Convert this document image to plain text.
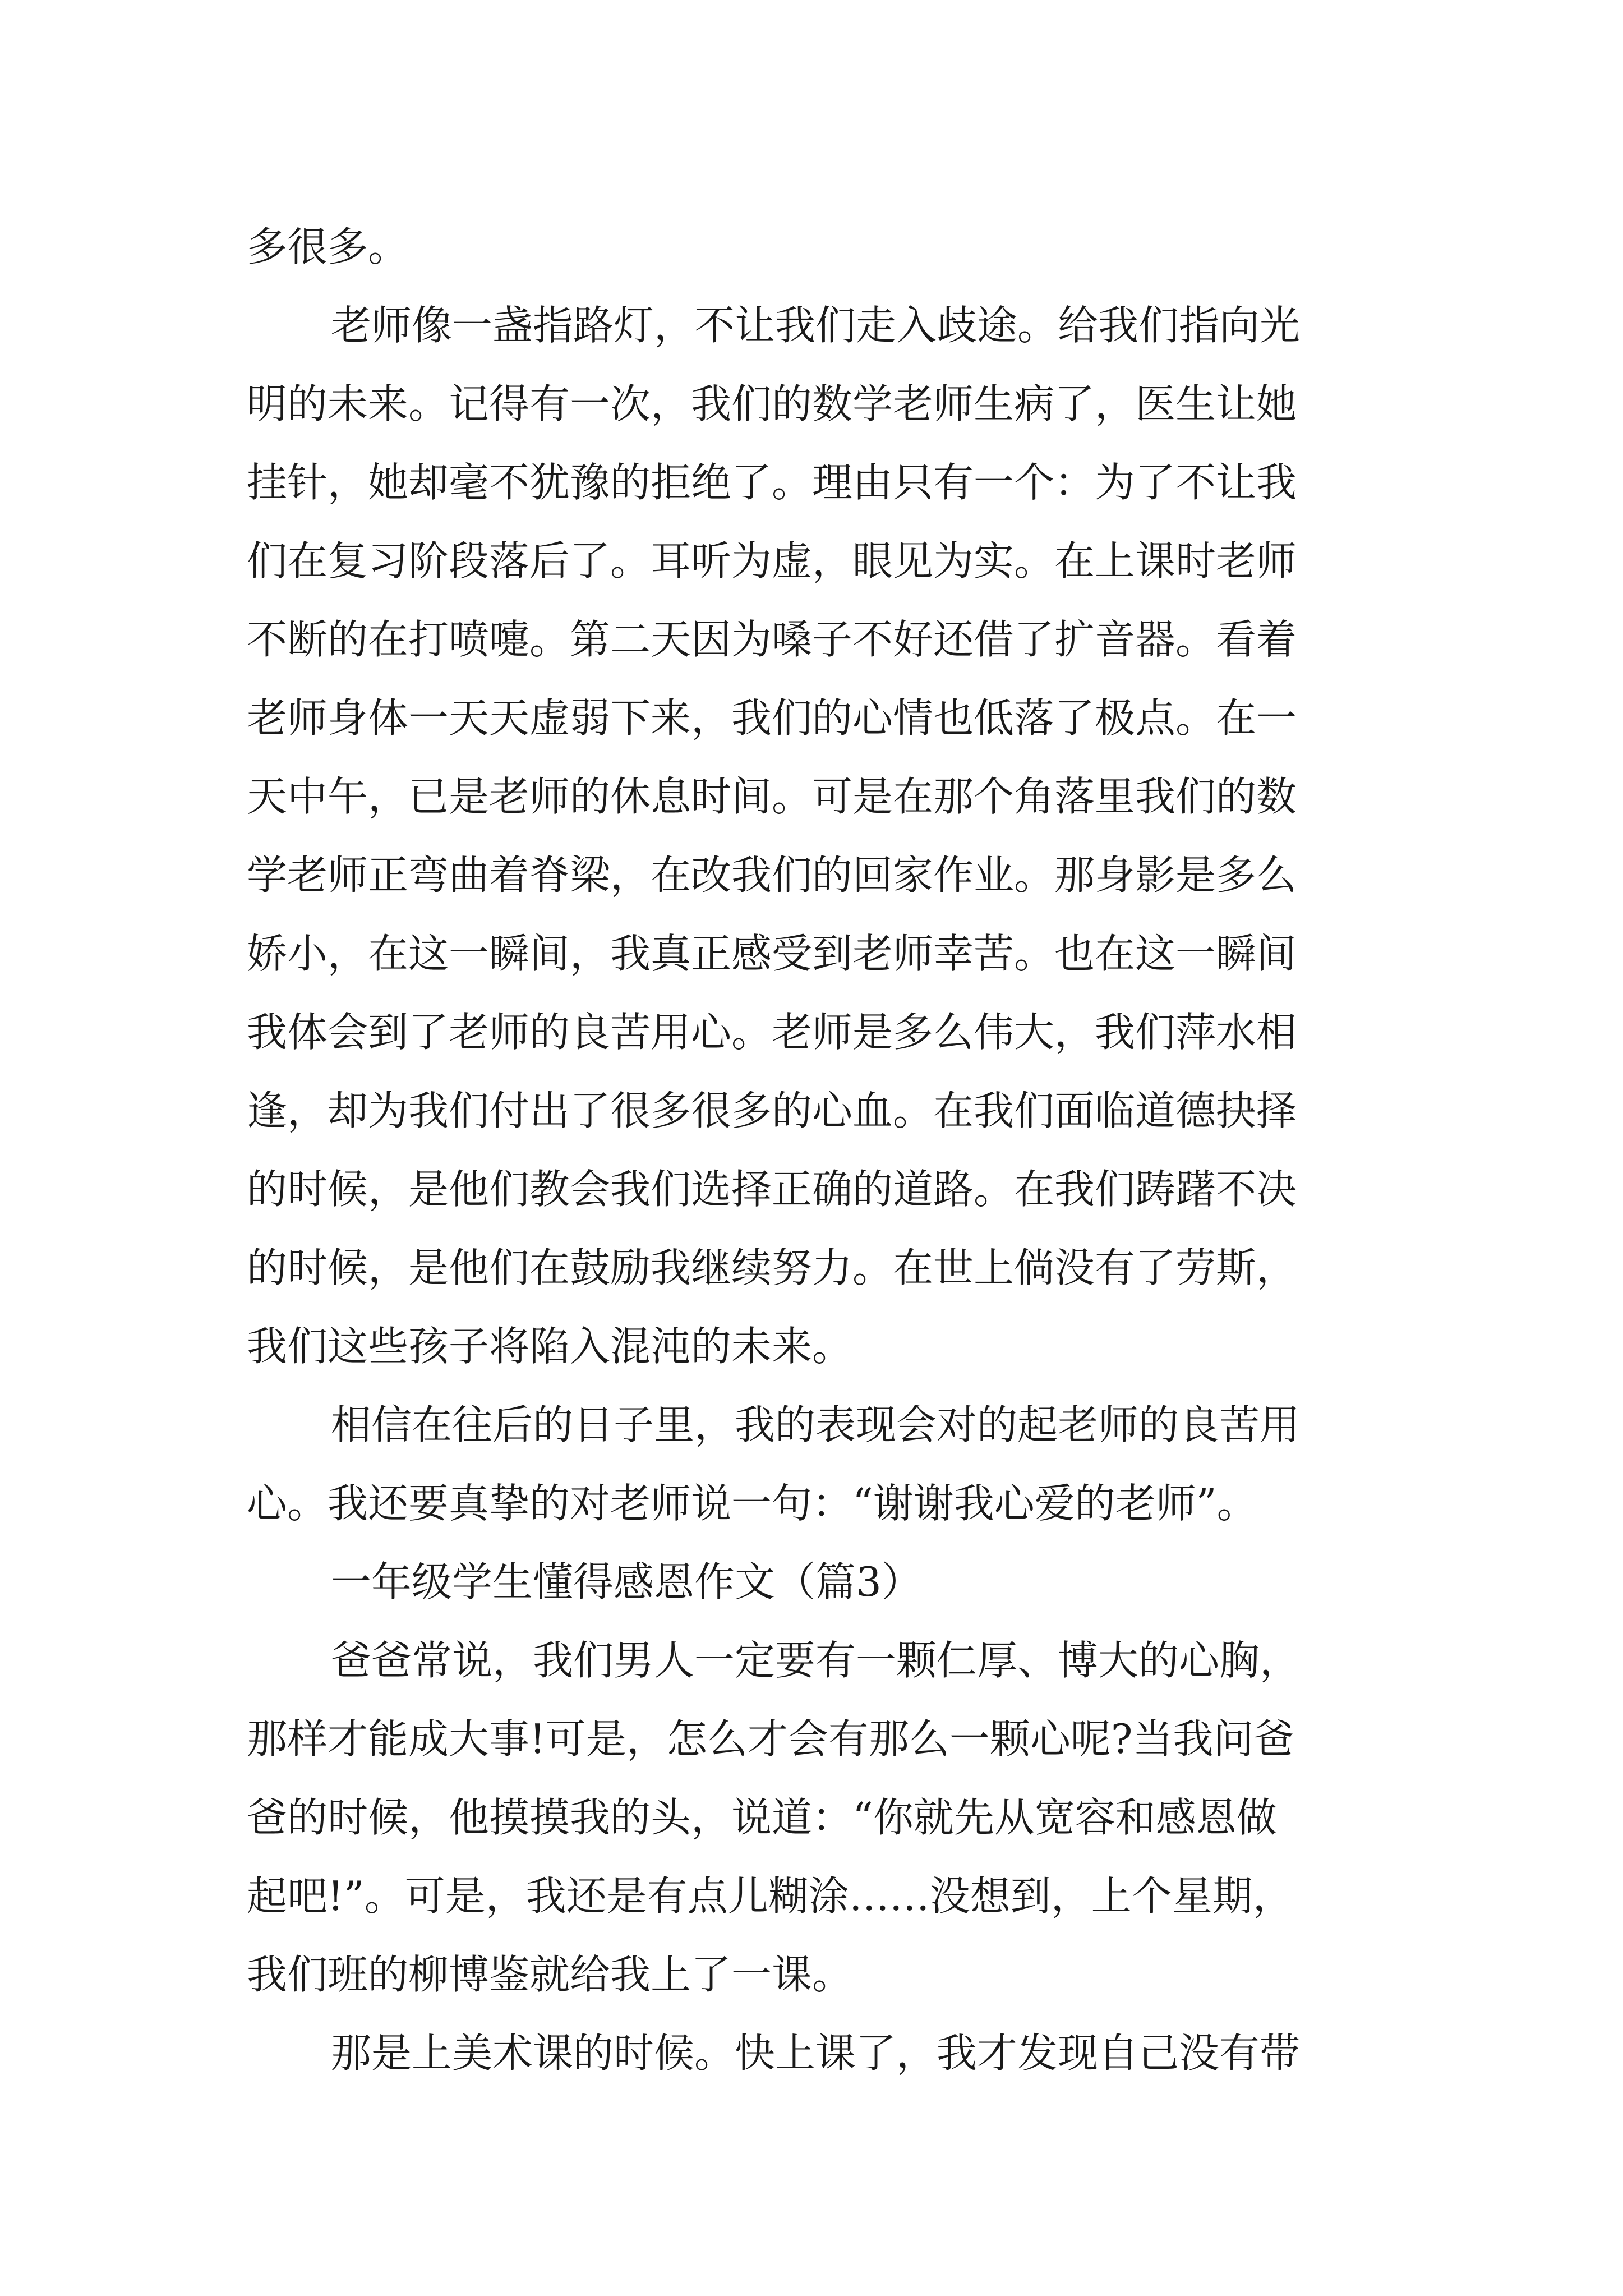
多很多。
老师像一盏指路灯，不让我们走入歧途。给我们指向光
明的未来。记得有一次，我们的数学老师生病了，医生让她
挂针，她却毫不犹豫的拒绝了。理由只有一个：为了不让我
们在复习阶段落后了。耳听为虚，眼见为实。在上课时老师
不断的在打喷嚏。第二天因为嗓子不好还借了扩音器。看着
老师身体一天天虚弱下来，我们的心情也低落了极点。在一
天中午，已是老师的休息时间。可是在那个角落里我们的数
学老师正弯曲着脊梁，在改我们的回家作业。那身影是多么
娇小，在这一瞬间，我真正感受到老师幸苦。也在这一瞬间
我体会到了老师的良苦用心。老师是多么伟大，我们萍水相
逢，却为我们付出了很多很多的心血。在我们面临道德抉择
的时候，是他们教会我们选择正确的道路。在我们踌躇不决
的时候，是他们在鼓励我继续努力。在世上倘没有了劳斯，
我们这些孩子将陷入混沌的未来。
相信在往后的日子里，我的表现会对的起老师的良苦用
心。我还要真挚的对老师说一句：“谢谢我心爱的老师”。
一年级学生懂得感恩作文（篇3）
爸爸常说，我们男人一定要有一颗仁厚、博大的心胸，
那样才能成大事!可是，怎么才会有那么一颗心呢?当我问爸
爸的时候，他摸摸我的头，说道：“你就先从宽容和感恩做
起吧!”。可是，我还是有点儿糊涂……没想到，上个星期，
我们班的柳博鉴就给我上了一课。
那是上美术课的时候。快上课了，我才发现自己没有带
